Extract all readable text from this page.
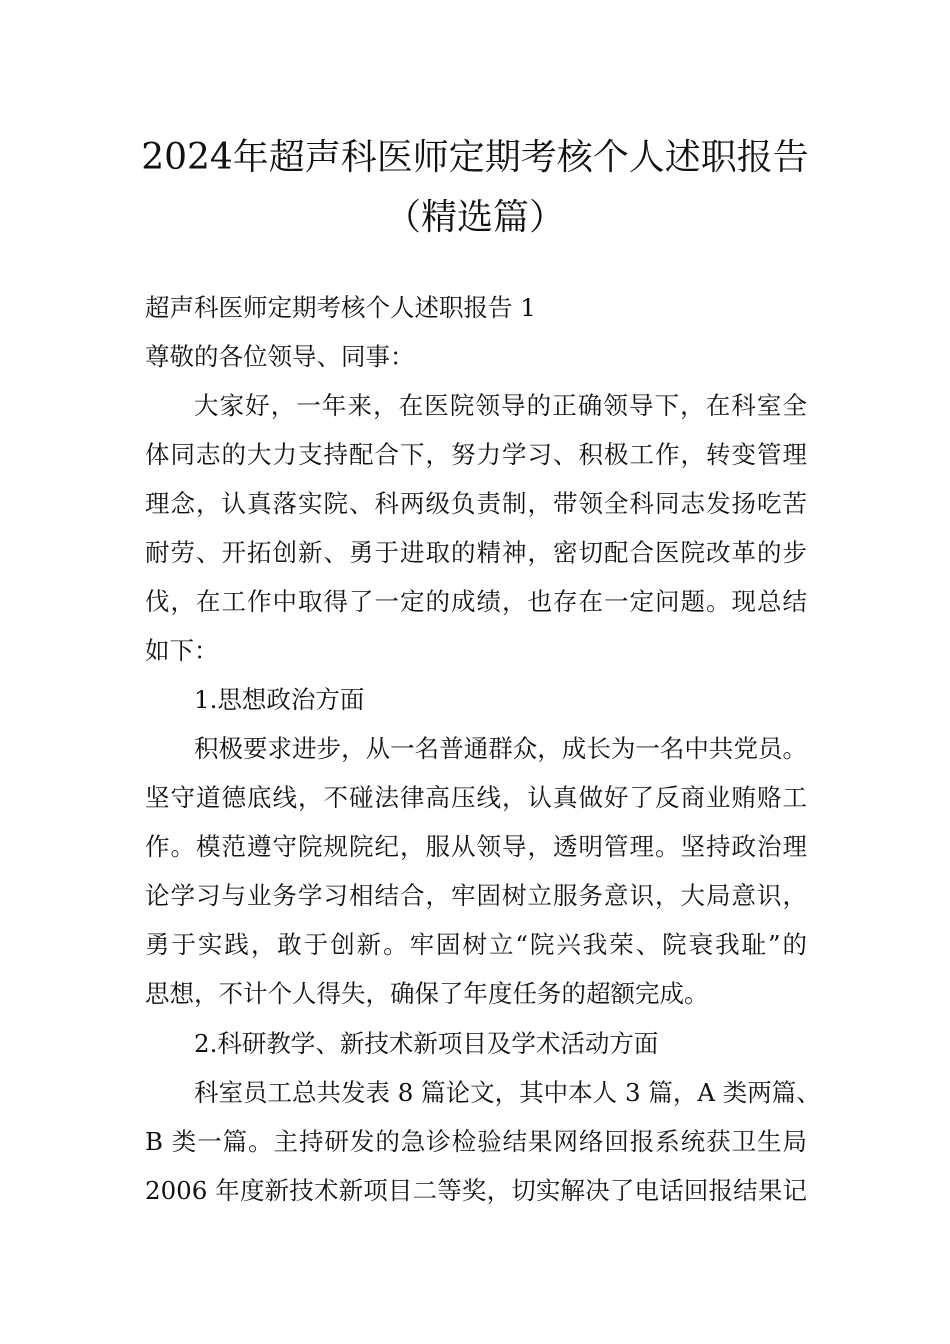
2024年超声科医师定期考核个人述职报告
（精选篇）
超声科医师定期考核个人述职报告 1
尊敬的各位领导、同事：
大家好，一年来，在医院领导的正确领导下，在科室全
体同志的大力支持配合下，努力学习、积极工作，转变管理
理念，认真落实院、科两级负责制，带领全科同志发扬吃苦
耐劳、开拓创新、勇于进取的精神，密切配合医院改革的步
伐，在工作中取得了一定的成绩，也存在一定问题。现总结
如下：
1.思想政治方面
积极要求进步，从一名普通群众，成长为一名中共党员。
坚守道德底线，不碰法律高压线，认真做好了反商业贿赂工
作。模范遵守院规院纪，服从领导，透明管理。坚持政治理
论学习与业务学习相结合，牢固树立服务意识，大局意识，
勇于实践，敢于创新。牢固树立“院兴我荣、院衰我耻”的
思想，不计个人得失，确保了年度任务的超额完成。
2.科研教学、新技术新项目及学术活动方面
科室员工总共发表 8 篇论文，其中本人 3 篇，A 类两篇、
B 类一篇。主持研发的急诊检验结果网络回报系统获卫生局
2006 年度新技术新项目二等奖，切实解决了电话回报结果记
